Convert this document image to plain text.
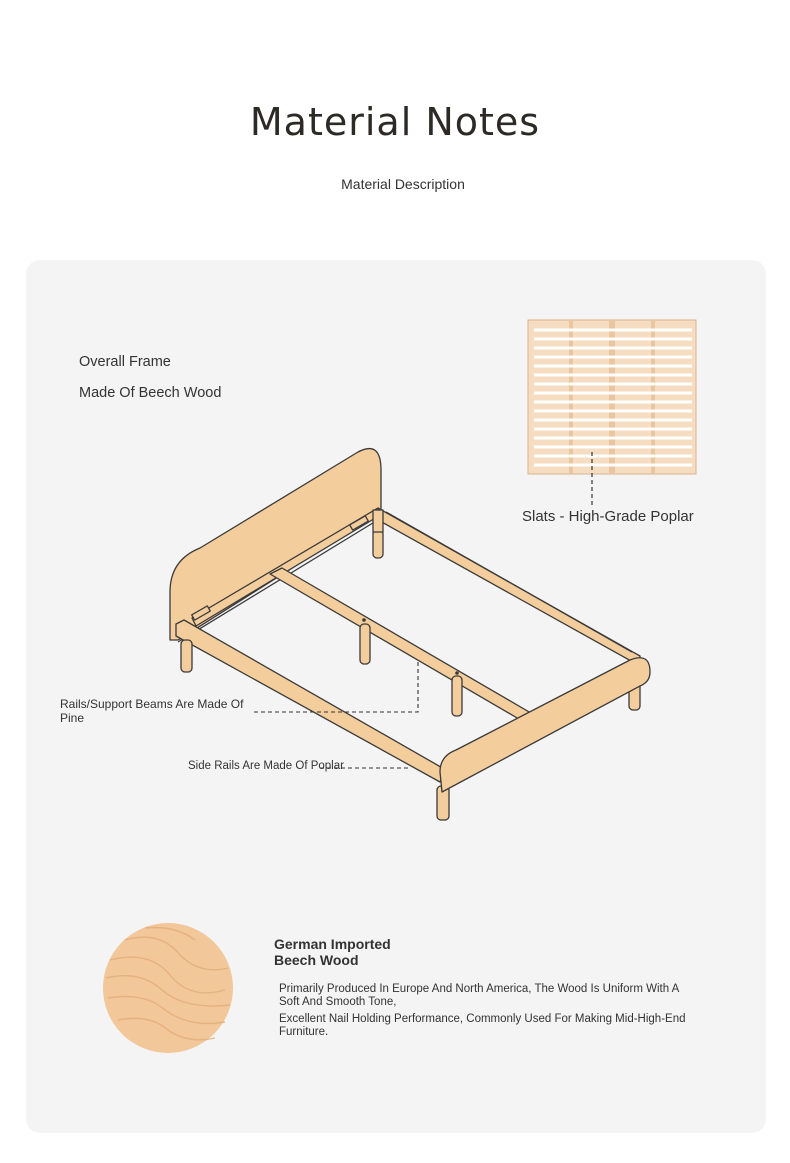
Material Notes
Material Description
Overall Frame
Made Of Beech Wood
Slats - High-Grade Poplar
Rails/Support Beams Are Made Of Pine
Side Rails Are Made Of Poplar
German Imported
Beech Wood
Primarily Produced In Europe And North America, The Wood Is Uniform With A Soft And Smooth Tone,
Excellent Nail Holding Performance, Commonly Used For Making Mid-High-End Furniture.
